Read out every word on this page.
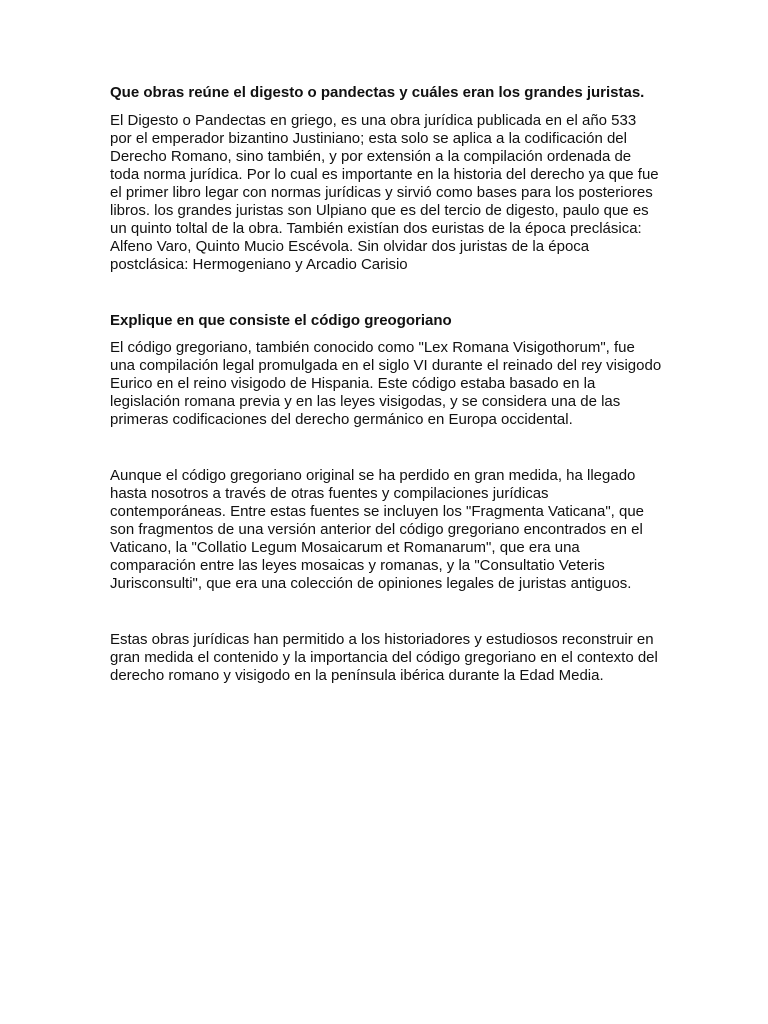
Que obras reúne el digesto o pandectas y cuáles eran los grandes juristas.

El Digesto o Pandectas en griego, es una obra jurídica publicada en el año 533 por el emperador bizantino Justiniano; esta solo se aplica a la codificación del Derecho Romano, sino también, y por extensión a la compilación ordenada de toda norma jurídica. Por lo cual es importante en la historia del derecho ya que fue el primer libro legar con normas jurídicas y sirvió como bases para los posteriores libros. los grandes juristas son Ulpiano que es del tercio de digesto, paulo que es un quinto toltal de la obra. También existían dos euristas de la época preclásica: Alfeno Varo, Quinto Mucio Escévola. Sin olvidar dos juristas de la época postclásica: Hermogeniano y Arcadio Carisio

Explique en que consiste el código greogoriano

El código gregoriano, también conocido como "Lex Romana Visigothorum", fue una compilación legal promulgada en el siglo VI durante el reinado del rey visigodo Eurico en el reino visigodo de Hispania. Este código estaba basado en la legislación romana previa y en las leyes visigodas, y se considera una de las primeras codificaciones del derecho germánico en Europa occidental.

Aunque el código gregoriano original se ha perdido en gran medida, ha llegado hasta nosotros a través de otras fuentes y compilaciones jurídicas contemporáneas. Entre estas fuentes se incluyen los "Fragmenta Vaticana", que son fragmentos de una versión anterior del código gregoriano encontrados en el Vaticano, la "Collatio Legum Mosaicarum et Romanarum", que era una comparación entre las leyes mosaicas y romanas, y la "Consultatio Veteris Jurisconsulti", que era una colección de opiniones legales de juristas antiguos.

Estas obras jurídicas han permitido a los historiadores y estudiosos reconstruir en gran medida el contenido y la importancia del código gregoriano en el contexto del derecho romano y visigodo en la península ibérica durante la Edad Media.
